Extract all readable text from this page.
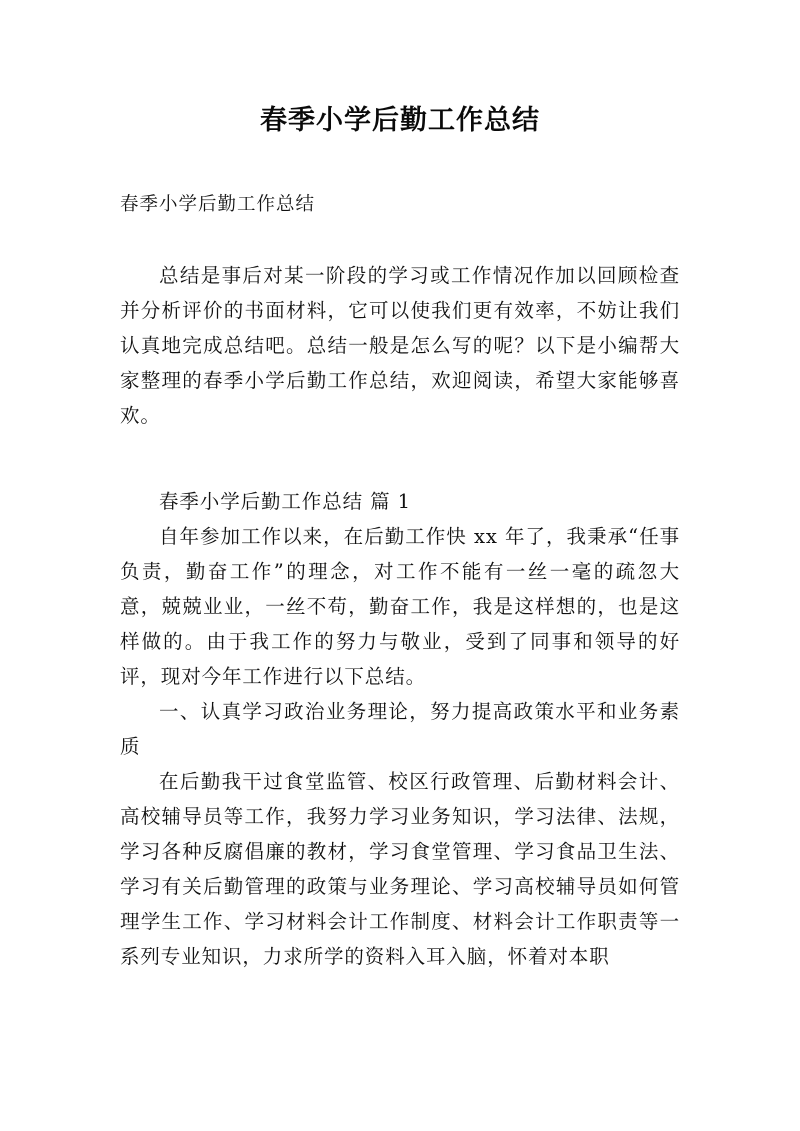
春季小学后勤工作总结
春季小学后勤工作总结

总结是事后对某一阶段的学习或工作情况作加以回顾检查并分析评价的书面材料，它可以使我们更有效率，不妨让我们认真地完成总结吧。总结一般是怎么写的呢？以下是小编帮大家整理的春季小学后勤工作总结，欢迎阅读，希望大家能够喜欢。

春季小学后勤工作总结 篇 1

自年参加工作以来，在后勤工作快 xx 年了，我秉承“任事负责，勤奋工作”的理念，对工作不能有一丝一毫的疏忽大意，兢兢业业，一丝不苟，勤奋工作，我是这样想的，也是这样做的。由于我工作的努力与敬业，受到了同事和领导的好评，现对今年工作进行以下总结。

一、认真学习政治业务理论，努力提高政策水平和业务素质

在后勤我干过食堂监管、校区行政管理、后勤材料会计、高校辅导员等工作，我努力学习业务知识，学习法律、法规，学习各种反腐倡廉的教材，学习食堂管理、学习食品卫生法、学习有关后勤管理的政策与业务理论、学习高校辅导员如何管理学生工作、学习材料会计工作制度、材料会计工作职责等一系列专业知识，力求所学的资料入耳入脑，怀着对本职
